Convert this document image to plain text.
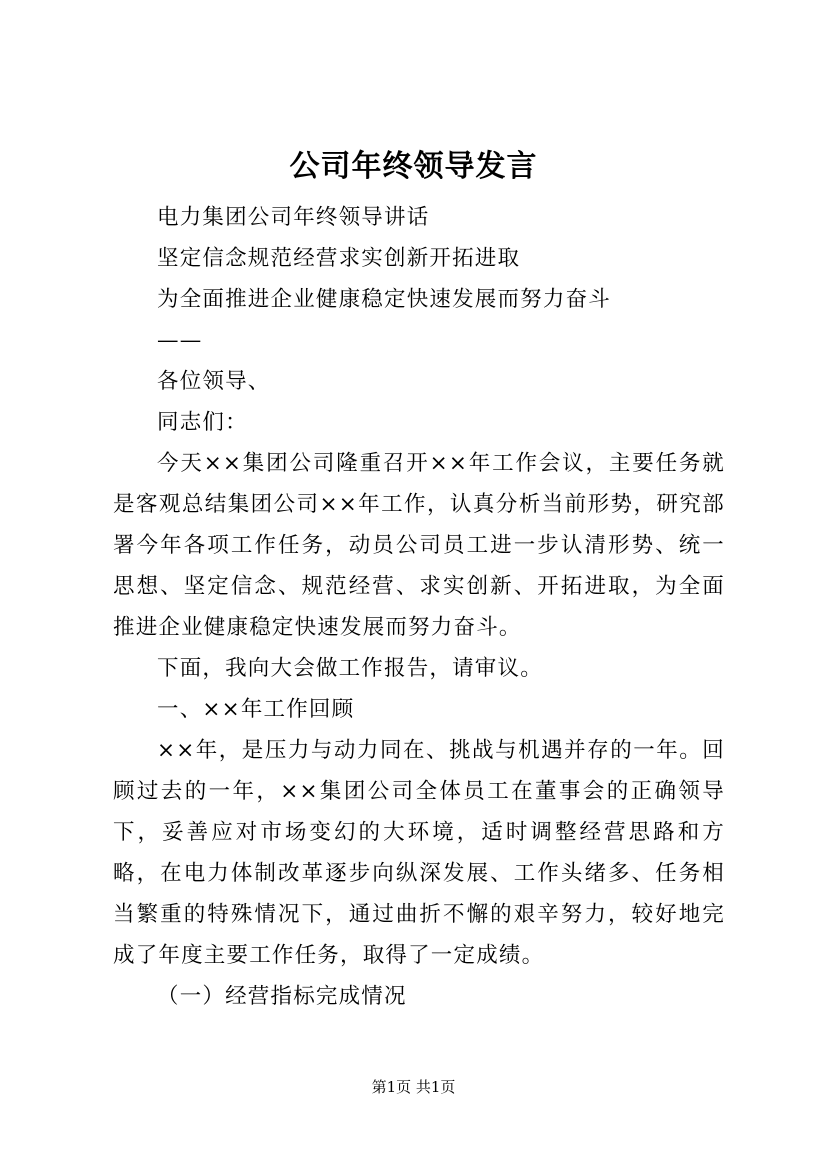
公司年终领导发言

电力集团公司年终领导讲话

坚定信念规范经营求实创新开拓进取

为全面推进企业健康稳定快速发展而努力奋斗

——

各位领导、

同志们：

今天××集团公司隆重召开××年工作会议，主要任务就是客观总结集团公司××年工作，认真分析当前形势，研究部署今年各项工作任务，动员公司员工进一步认清形势、统一思想、坚定信念、规范经营、求实创新、开拓进取，为全面推进企业健康稳定快速发展而努力奋斗。

下面，我向大会做工作报告，请审议。

一、××年工作回顾

××年，是压力与动力同在、挑战与机遇并存的一年。回顾过去的一年，××集团公司全体员工在董事会的正确领导下，妥善应对市场变幻的大环境，适时调整经营思路和方略，在电力体制改革逐步向纵深发展、工作头绪多、任务相当繁重的特殊情况下，通过曲折不懈的艰辛努力，较好地完成了年度主要工作任务，取得了一定成绩。

（一）经营指标完成情况

第1页 共1页
